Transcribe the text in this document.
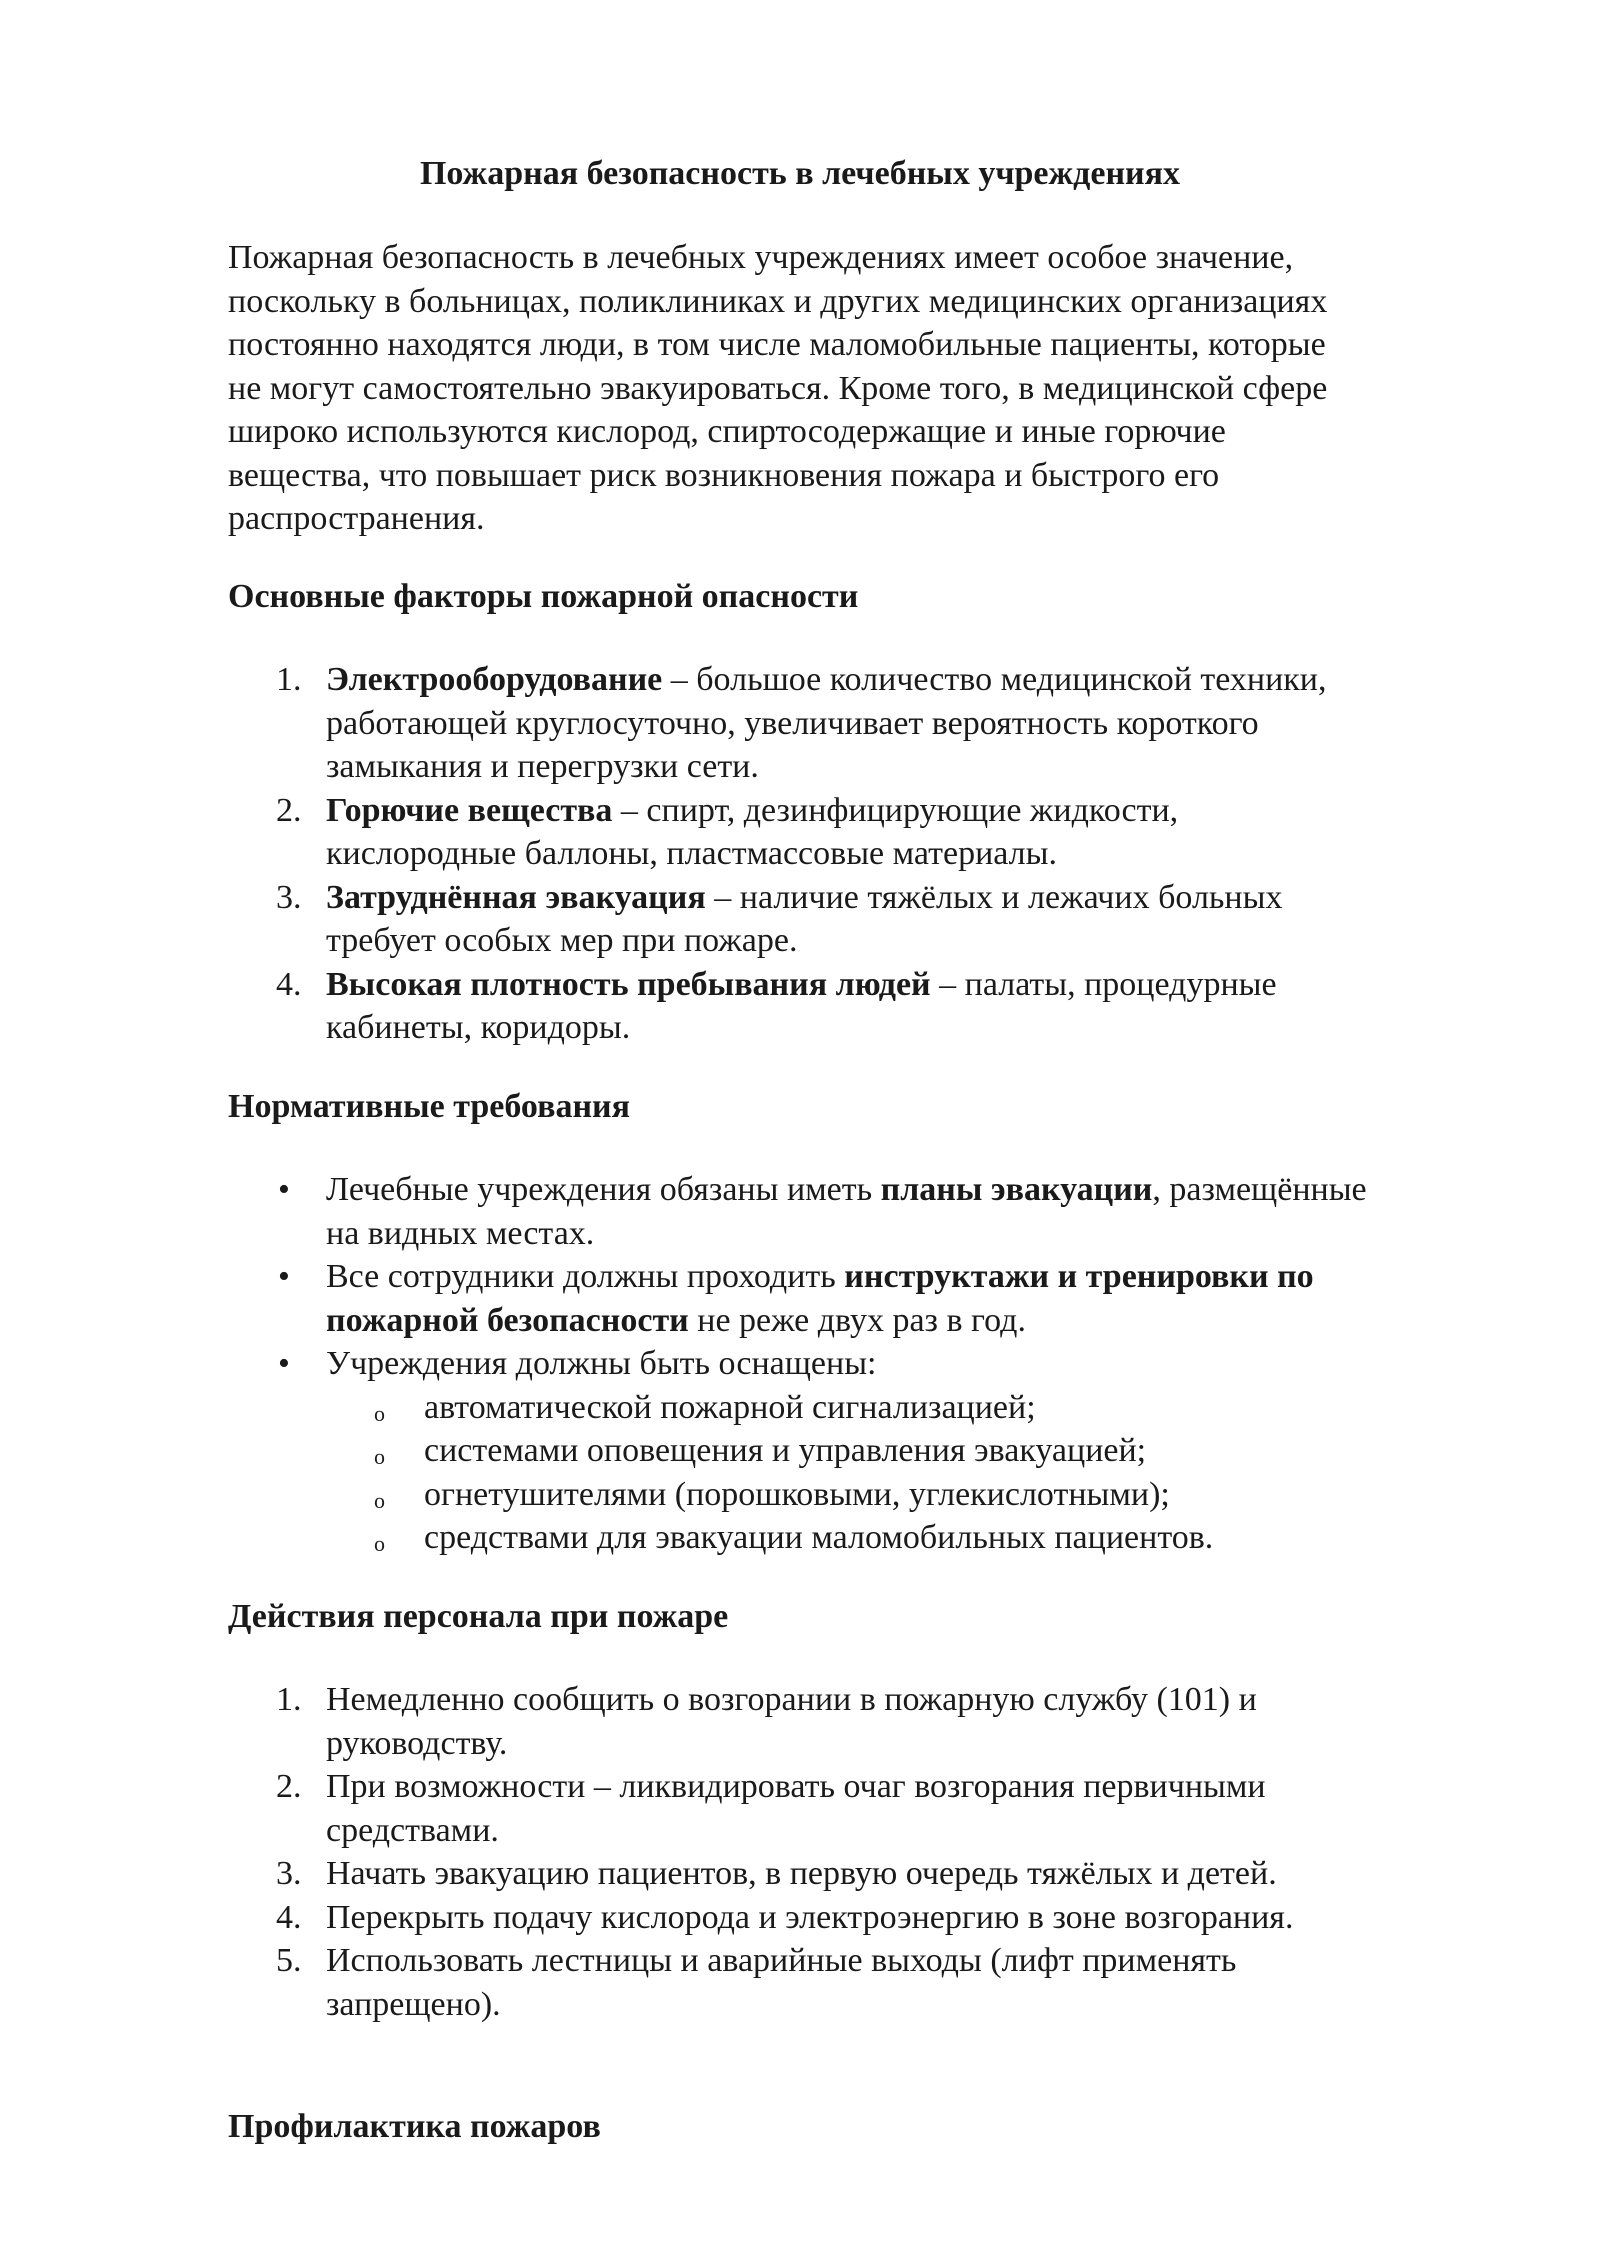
Пожарная безопасность в лечебных учреждениях

Пожарная безопасность в лечебных учреждениях имеет особое значение,
поскольку в больницах, поликлиниках и других медицинских организациях
постоянно находятся люди, в том числе маломобильные пациенты, которые
не могут самостоятельно эвакуироваться. Кроме того, в медицинской сфере
широко используются кислород, спиртосодержащие и иные горючие
вещества, что повышает риск возникновения пожара и быстрого его
распространения.

Основные факторы пожарной опасности
1. Электрооборудование – большое количество медицинской техники,
работающей круглосуточно, увеличивает вероятность короткого
замыкания и перегрузки сети.
2. Горючие вещества – спирт, дезинфицирующие жидкости,
кислородные баллоны, пластмассовые материалы.
3. Затруднённая эвакуация – наличие тяжёлых и лежачих больных
требует особых мер при пожаре.
4. Высокая плотность пребывания людей – палаты, процедурные
кабинеты, коридоры.
Нормативные требования
•	Лечебные учреждения обязаны иметь планы эвакуации, размещённые
на видных местах.
•	Все сотрудники должны проходить инструктажи и тренировки по
пожарной безопасности не реже двух раз в год.
•	Учреждения должны быть оснащены:
o автоматической пожарной сигнализацией;
o системами оповещения и управления эвакуацией;
o огнетушителями (порошковыми, углекислотными);
o средствами для эвакуации маломобильных пациентов.
Действия персонала при пожаре
1. Немедленно сообщить о возгорании в пожарную службу (101) и
руководству.
2. При возможности – ликвидировать очаг возгорания первичными
средствами.
3. Начать эвакуацию пациентов, в первую очередь тяжёлых и детей.
4. Перекрыть подачу кислорода и электроэнергию в зоне возгорания.
5. Использовать лестницы и аварийные выходы (лифт применять
запрещено).
Профилактика пожаров
